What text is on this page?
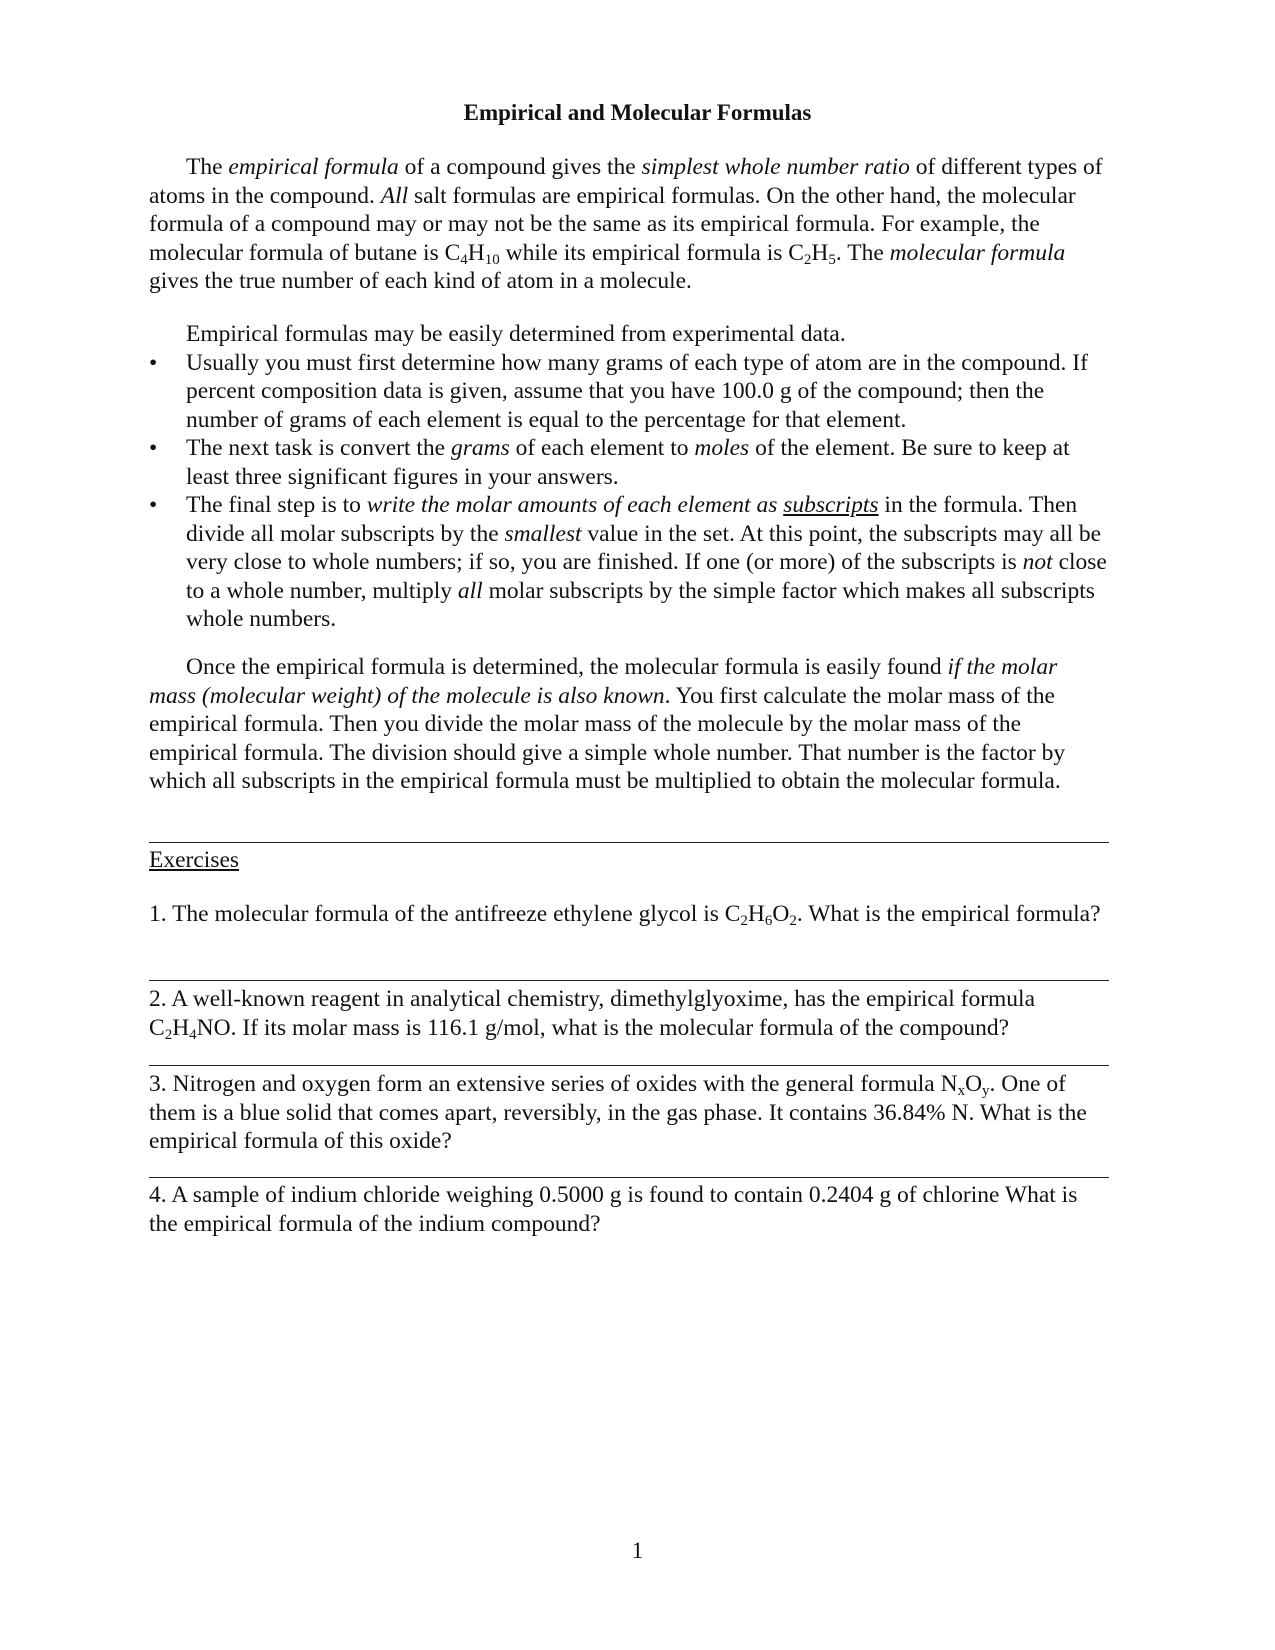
Empirical and Molecular Formulas

The empirical formula of a compound gives the simplest whole number ratio of different types of atoms in the compound. All salt formulas are empirical formulas. On the other hand, the molecular formula of a compound may or may not be the same as its empirical formula. For example, the molecular formula of butane is $C_4H_{10}$ while its empirical formula is $C_2H_5$. The molecular formula gives the true number of each kind of atom in a molecule.

Empirical formulas may be easily determined from experimental data.

•	Usually you must first determine how many grams of each type of atom are in the compound. If percent composition data is given, assume that you have 100.0 g of the compound; then the number of grams of each element is equal to the percentage for that element.
•	The next task is convert the grams of each element to moles of the element. Be sure to keep at least three significant figures in your answers.
•	The final step is to write the molar amounts of each element as subscripts in the formula. Then divide all molar subscripts by the smallest value in the set. At this point, the subscripts may all be very close to whole numbers; if so, you are finished. If one (or more) of the subscripts is not close to a whole number, multiply all molar subscripts by the simple factor which makes all subscripts whole numbers.

Once the empirical formula is determined, the molecular formula is easily found if the molar mass (molecular weight) of the molecule is also known. You first calculate the molar mass of the empirical formula. Then you divide the molar mass of the molecule by the molar mass of the empirical formula. The division should give a simple whole number. That number is the factor by which all subscripts in the empirical formula must be multiplied to obtain the molecular formula.

Exercises

1. The molecular formula of the antifreeze ethylene glycol is $C_2H_6O_2$. What is the empirical formula?

2. A well-known reagent in analytical chemistry, dimethylglyoxime, has the empirical formula $C_2H_4NO$. If its molar mass is 116.1 g/mol, what is the molecular formula of the compound?

3. Nitrogen and oxygen form an extensive series of oxides with the general formula $N_xO_y$. One of them is a blue solid that comes apart, reversibly, in the gas phase. It contains 36.84% N. What is the empirical formula of this oxide?

4. A sample of indium chloride weighing 0.5000 g is found to contain 0.2404 g of chlorine What is the empirical formula of the indium compound?

1
